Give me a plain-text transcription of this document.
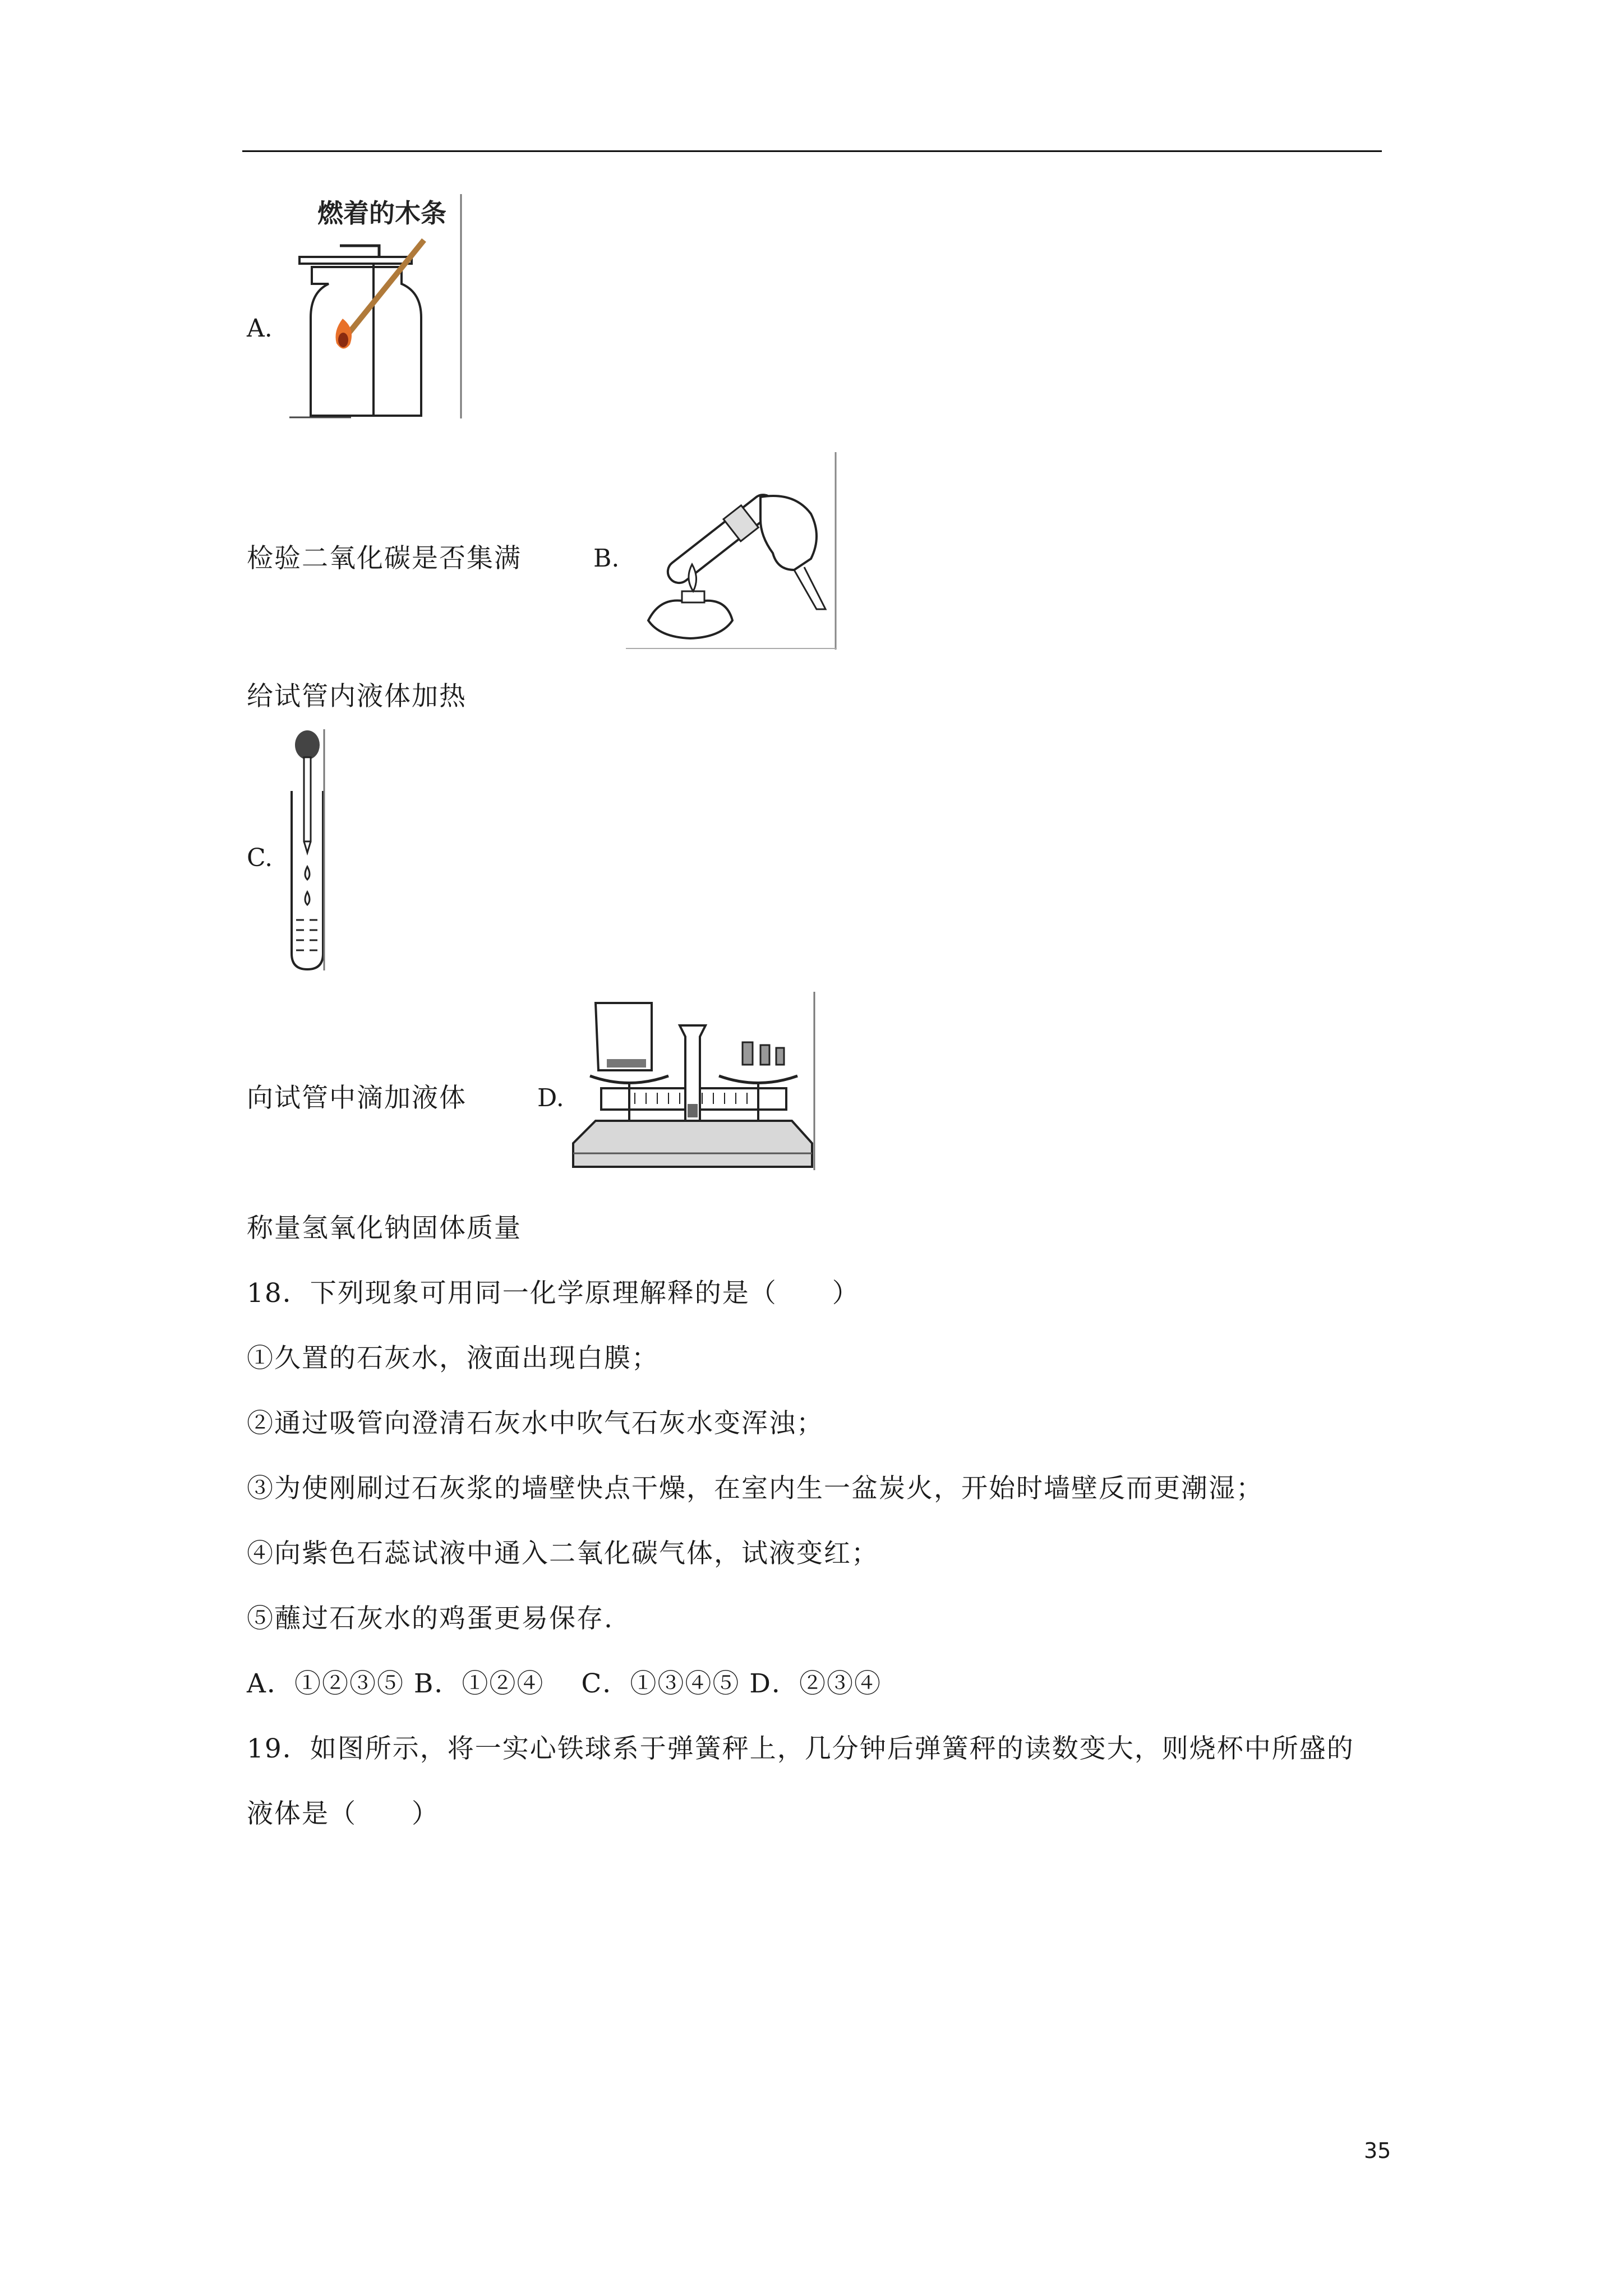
A.
燃着的木条
检验二氧化碳是否集满	B.
给试管内液体加热
C.
向试管中滴加液体	D.
称量氢氧化钠固体质量
18．下列现象可用同一化学原理解释的是（　　）
①久置的石灰水，液面出现白膜；
②通过吸管向澄清石灰水中吹气石灰水变浑浊；
③为使刚刷过石灰浆的墙壁快点干燥，在室内生一盆炭火，开始时墙壁反而更潮湿；
④向紫色石蕊试液中通入二氧化碳气体，试液变红；
⑤蘸过石灰水的鸡蛋更易保存.
A．①②③⑤ B．①②④　 C．①③④⑤ D．②③④
19．如图所示，将一实心铁球系于弹簧秤上，几分钟后弹簧秤的读数变大，则烧杯中所盛的
液体是（　　）
35
